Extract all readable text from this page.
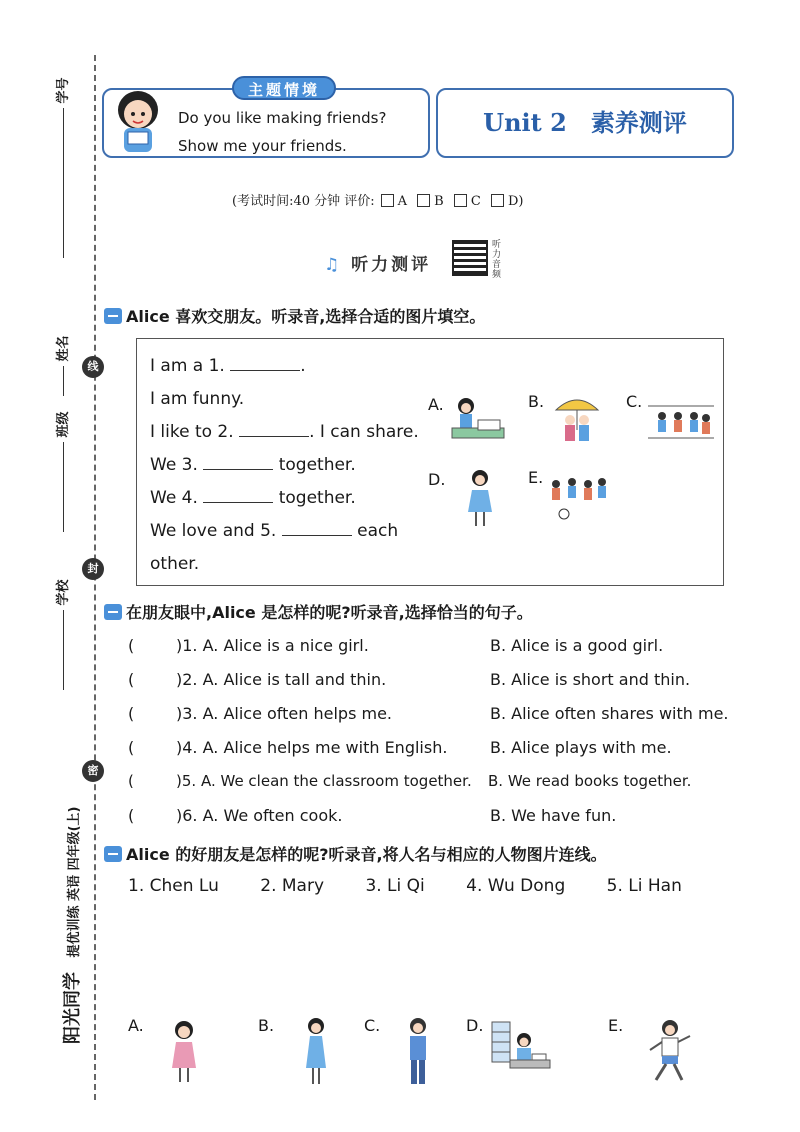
学号
线
姓名
班级
封
学校
密
阳光同学 提优训练 英语 四年级(上)
主题情境
Do you like making friends?
Show me your friends.
Unit 2 素养测评
(考试时间:40 分钟 评价: A B C D)
♫ 听力测评
听力音频
Alice 喜欢交朋友。听录音,选择合适的图片填空。
I am a 1.	.
I am funny.
I like to 2.	. I can share.
We 3.	together.
We 4.	together.
We love and 5.	each
other.
A.	B.	C.
D.	E.
在朋友眼中,Alice 是怎样的呢?听录音,选择恰当的句子。
(	)1. A. Alice is a nice girl.	B. Alice is a good girl.
(	)2. A. Alice is tall and thin.	B. Alice is short and thin.
(	)3. A. Alice often helps me.	B. Alice often shares with me.
(	)4. A. Alice helps me with English.	B. Alice plays with me.
(	)5. A. We clean the classroom together. B. We read books together.
(	)6. A. We often cook.	B. We have fun.
Alice 的好朋友是怎样的呢?听录音,将人名与相应的人物图片连线。
1. Chen Lu 2. Mary 3. Li Qi 4. Wu Dong 5. Li Han
A.	B.	C.	D.	E.
